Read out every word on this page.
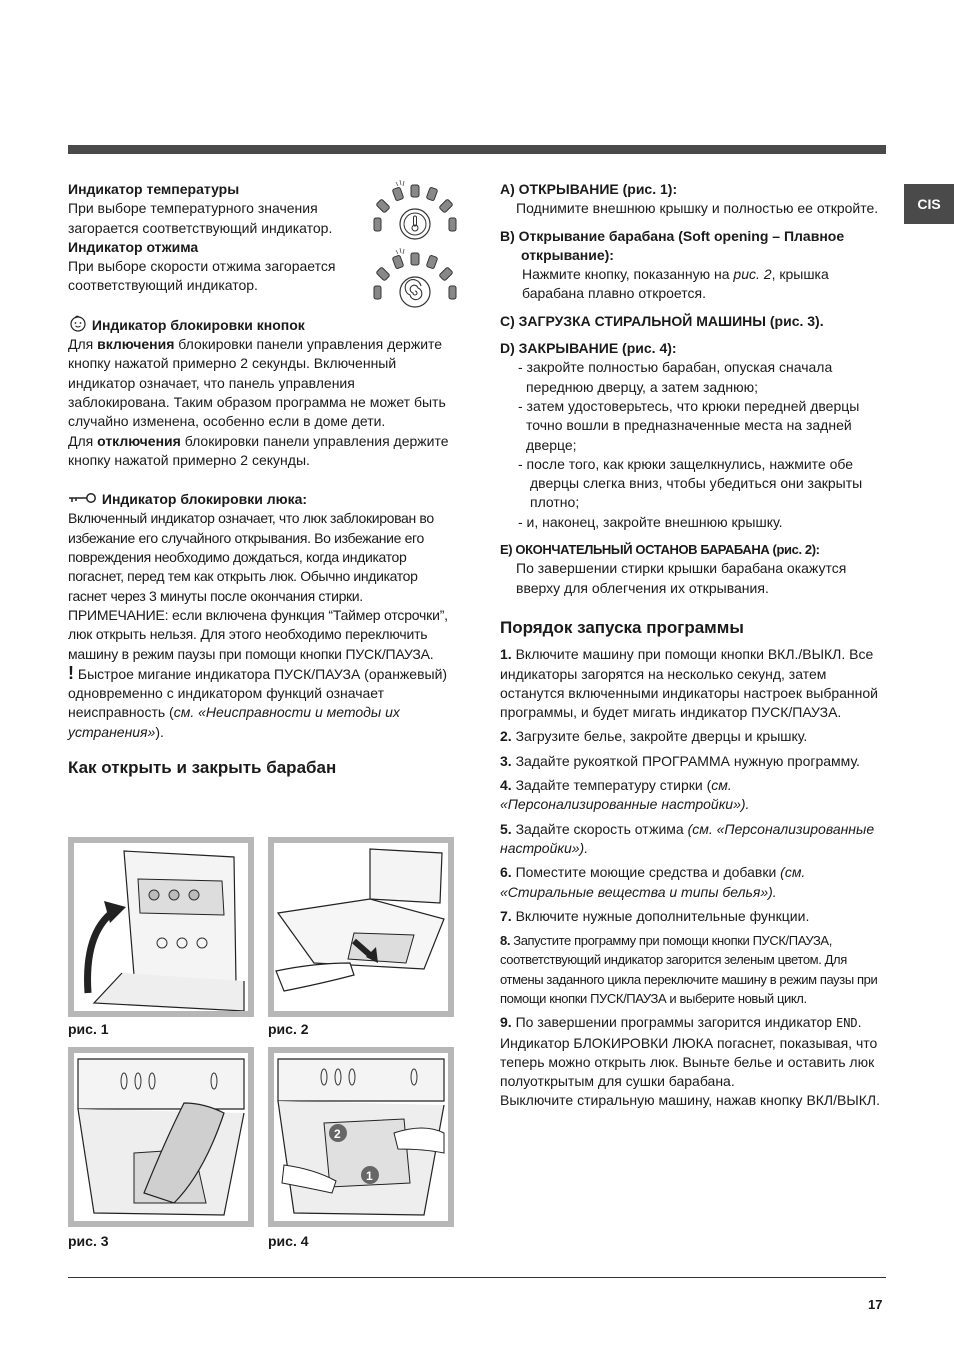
CIS

Индикатор температуры

При выборе температурного значения загорается соответствующий индикатор.

Индикатор отжима

При выборе скорости отжима загорается соответствующий индикатор.

Индикатор блокировки кнопок

Для включения блокировки панели управления держите кнопку нажатой примерно 2 секунды. Включенный индикатор означает, что панель управления заблокирована. Таким образом программа не может быть случайно изменена, особенно если в доме дети.

Для отключения блокировки панели управления держите кнопку нажатой примерно 2 секунды.

Индикатор блокировки люка:

Включенный индикатор означает, что люк заблокирован во избежание его случайного открывания. Во избежание его повреждения необходимо дождаться, когда индикатор погаснет, перед тем как открыть люк. Обычно индикатор гаснет через 3 минуты после окончания стирки.

ПРИМЕЧАНИЕ: если включена функция “Таймер отсрочки”, люк открыть нельзя. Для этого необходимо переключить машину в режим паузы при помощи кнопки ПУСК/ПАУЗА.

! Быстрое мигание индикатора ПУСК/ПАУЗА (оранжевый) одновременно с индикатором функций означает неисправность (см. «Неисправности и методы их устранения»).

Как открыть и закрыть барабан

2
1
рис. 1	рис. 2
рис. 3	рис. 4

A) ОТКРЫВАНИЕ (рис. 1):

Поднимите внешнюю крышку и полностью ее откройте.

B) Открывание барабана (Soft opening – Плавное открывание):

Нажмите кнопку, показанную на рис. 2, крышка барабана плавно откроется.

C) ЗАГРУЗКА СТИРАЛЬНОЙ МАШИНЫ (рис. 3).

D) ЗАКРЫВАНИЕ (рис. 4):

- закройте полностью барабан, опуская сначала переднюю дверцу, а затем заднюю;

- затем удостоверьтесь, что крюки передней дверцы точно вошли в предназначенные места на задней дверце;

- после того, как крюки защелкнулись, нажмите обе дверцы слегка вниз, чтобы убедиться они закрыты плотно;

- и, наконец, закройте внешнюю крышку.

E) ОКОНЧАТЕЛЬНЫЙ ОСТАНОВ БАРАБАНА (рис. 2):

По завершении стирки крышки барабана окажутся вверху для облегчения их открывания.

Порядок запуска программы

1. Включите машину при помощи кнопки ВКЛ./ВЫКЛ. Все индикаторы загорятся на несколько секунд, затем останутся включенными индикаторы настроек выбранной программы, и будет мигать индикатор ПУСК/ПАУЗА.

2. Загрузите белье, закройте дверцы и крышку.

3. Задайте рукояткой ПРОГРАММА нужную программу.

4. Задайте температуру стирки (см. «Персонализированные настройки»).

5. Задайте скорость отжима (см. «Персонализированные настройки»).

6. Поместите моющие средства и добавки (см. «Стиральные вещества и типы белья»).

7. Включите нужные дополнительные функции.

8. Запустите программу при помощи кнопки ПУСК/ПАУЗА, соответствующий индикатор загорится зеленым цветом. Для отмены заданного цикла переключите машину в режим паузы при помощи кнопки ПУСК/ПАУЗА и выберите новый цикл.

9. По завершении программы загорится индикатор END. Индикатор БЛОКИРОВКИ ЛЮКА погаснет, показывая, что теперь можно открыть люк. Выньте белье и оставить люк полуоткрытым для сушки барабана.

Выключите стиральную машину, нажав кнопку ВКЛ/ВЫКЛ.

17
